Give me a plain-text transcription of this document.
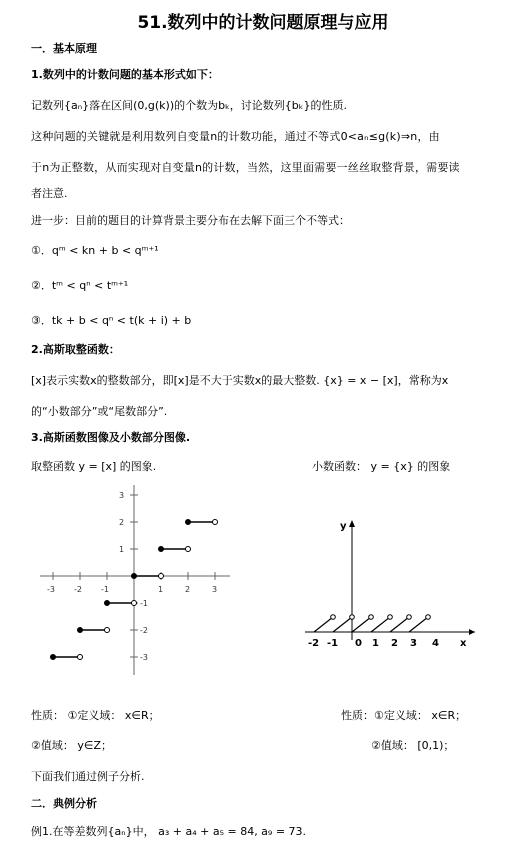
51.数列中的计数问题原理与应用
一．基本原理
1.数列中的计数问题的基本形式如下：
记数列{aₙ}落在区间(0,g(k))的个数为bₖ，讨论数列{bₖ}的性质.
这种问题的关键就是利用数列自变量n的计数功能，通过不等式0<aₙ≤g(k)⇒n，由
于n为正整数，从而实现对自变量n的计数，当然，这里面需要一丝丝取整背景，需要读
者注意.
进一步：目前的题目的计算背景主要分布在去解下面三个不等式：
①．qᵐ < kn + b < qᵐ⁺¹
②．tᵐ < qⁿ < tᵐ⁺¹
③．tk + b < qⁿ < t(k + i) + b
2.高斯取整函数：
[x]表示实数x的整数部分，即[x]是不大于实数x的最大整数. {x} = x − [x]，常称为x
的“小数部分”或“尾数部分”.
3.高斯函数图像及小数部分图像.
取整函数 y = [x] 的图象.	小数函数： y = {x} 的图象
-3 -2 -1	1	2	3
3
2
1
-1
-2
-3
y
x
-2 -1 0 1 2 3 4
性质： ①定义域： x∈R；
②值域： y∈Z；
性质：①定义域： x∈R；
②值域： [0,1)；
下面我们通过例子分析.
二．典例分析
例1.在等差数列{aₙ}中， a₃ + a₄ + a₅ = 84, a₉ = 73.
